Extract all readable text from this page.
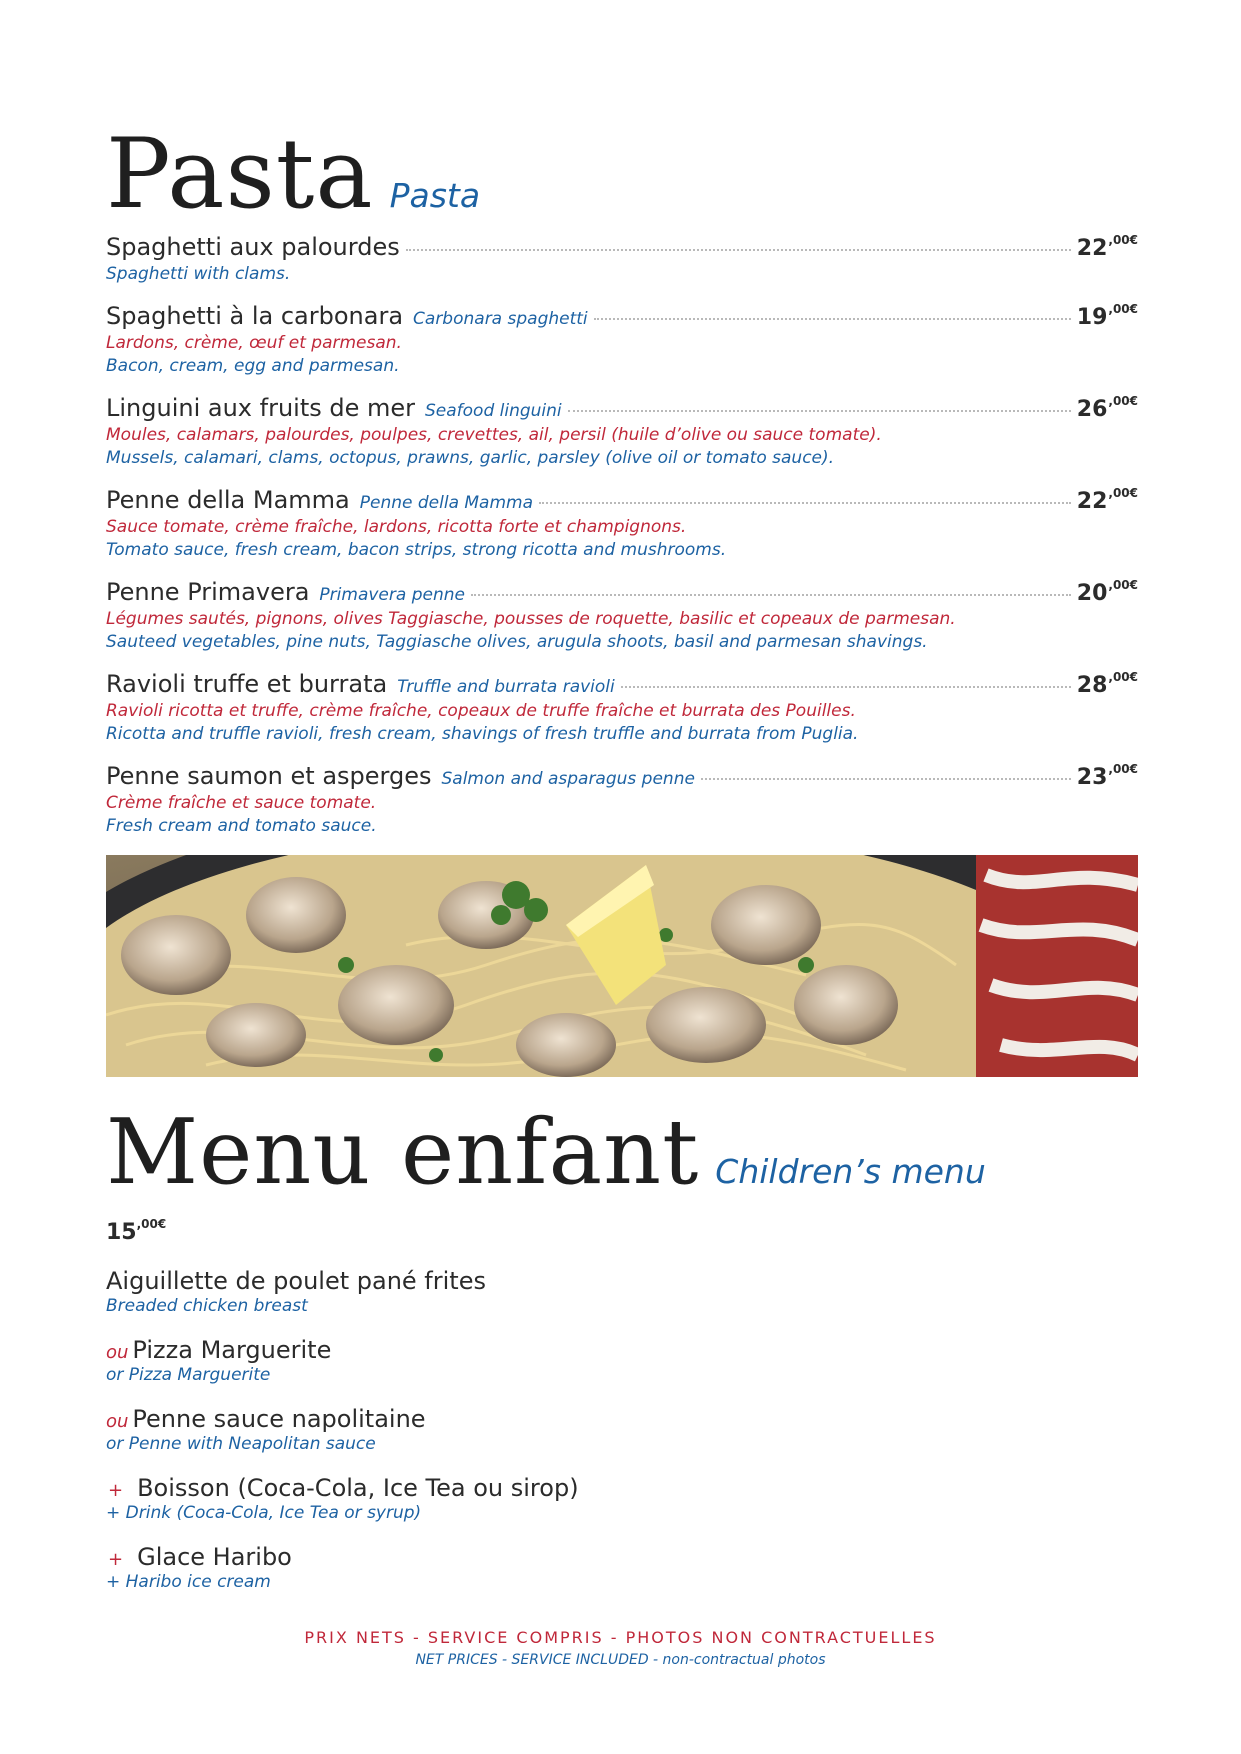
Pasta Pasta
Spaghetti aux palourdes	$22^{,00€}$
Spaghetti with clams.
Spaghetti à la carbonara Carbonara spaghetti	$19^{,00€}$
Lardons, crème, œuf et parmesan.
Bacon, cream, egg and parmesan.
Linguini aux fruits de mer Seafood linguini	$26^{,00€}$
Moules, calamars, palourdes, poulpes, crevettes, ail, persil (huile d’olive ou sauce tomate).
Mussels, calamari, clams, octopus, prawns, garlic, parsley (olive oil or tomato sauce).
Penne della Mamma Penne della Mamma	$22^{,00€}$
Sauce tomate, crème fraîche, lardons, ricotta forte et champignons.
Tomato sauce, fresh cream, bacon strips, strong ricotta and mushrooms.
Penne Primavera Primavera penne	$20^{,00€}$
Légumes sautés, pignons, olives Taggiasche, pousses de roquette, basilic et copeaux de parmesan.
Sauteed vegetables, pine nuts, Taggiasche olives, arugula shoots, basil and parmesan shavings.
Ravioli truffe et burrata Truffle and burrata ravioli	$28^{,00€}$
Ravioli ricotta et truffe, crème fraîche, copeaux de truffe fraîche et burrata des Pouilles.
Ricotta and truffle ravioli, fresh cream, shavings of fresh truffle and burrata from Puglia.
Penne saumon et asperges Salmon and asparagus penne	$23^{,00€}$
Crème fraîche et sauce tomate.
Fresh cream and tomato sauce.
Menu enfant Children’s menu
$15^{,00€}$
Aiguillette de poulet pané frites
Breaded chicken breast
ou Pizza Marguerite
or Pizza Marguerite
ou Penne sauce napolitaine
or Penne with Neapolitan sauce
+ Boisson (Coca-Cola, Ice Tea ou sirop)
+ Drink (Coca-Cola, Ice Tea or syrup)
+ Glace Haribo
+ Haribo ice cream
PRIX NETS - SERVICE COMPRIS - PHOTOS NON CONTRACTUELLES
NET PRICES - SERVICE INCLUDED - non-contractual photos
